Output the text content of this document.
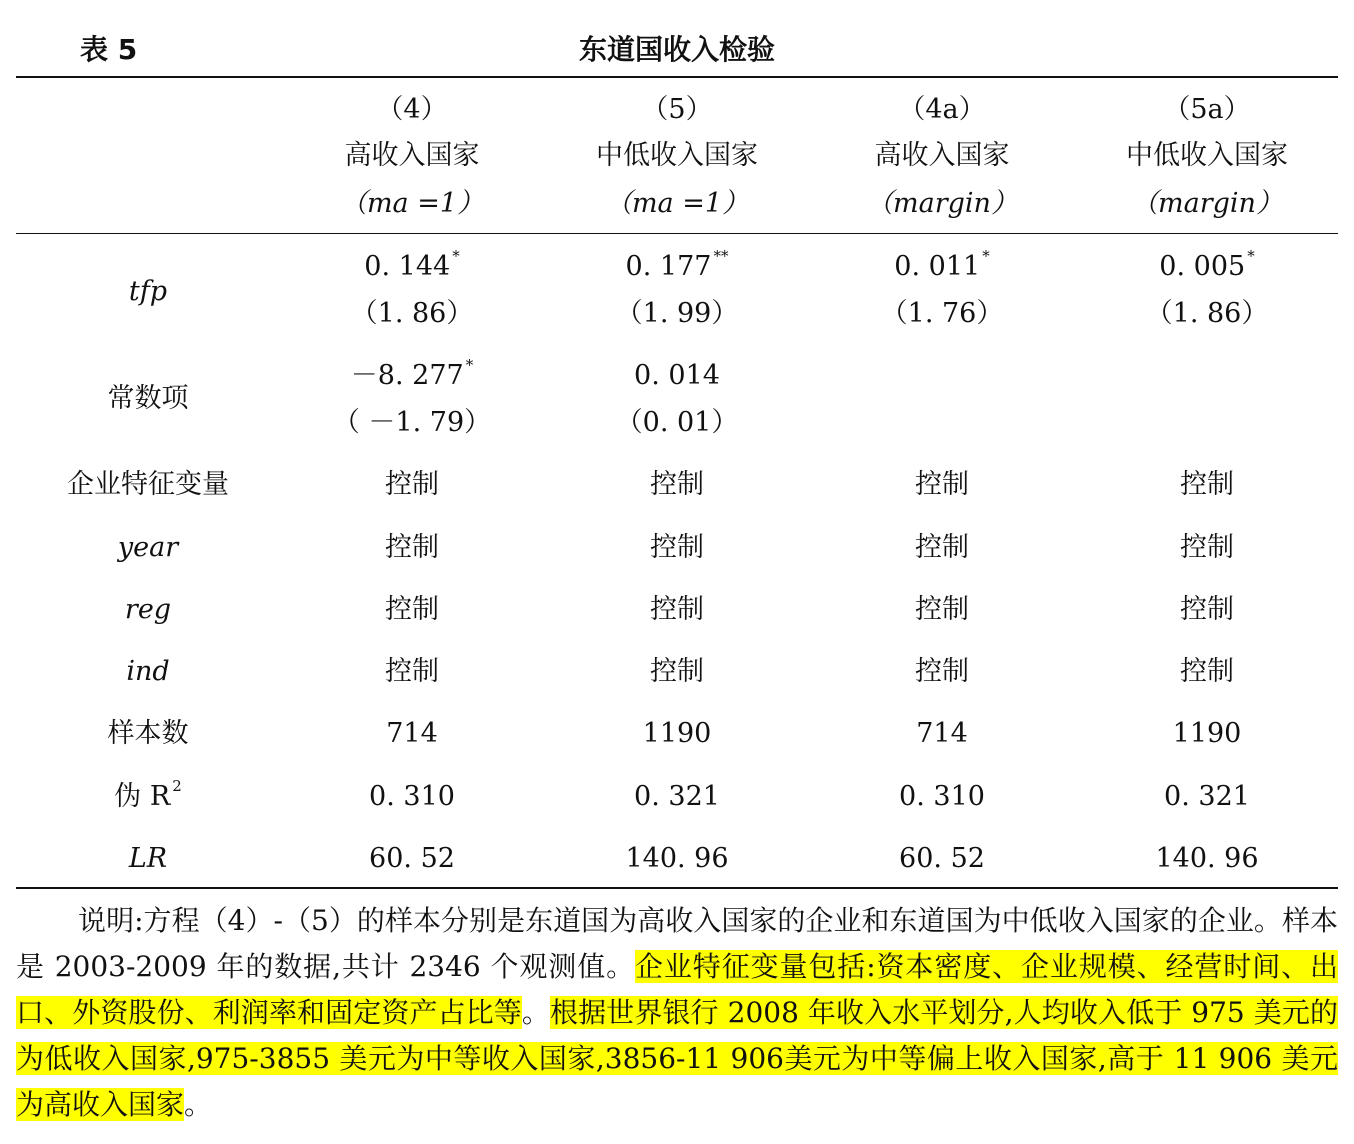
表 5	东道国收入检验
（4）	（5）	（4a）	（5a）
高收入国家	中低收入国家	高收入国家	中低收入国家
（ma =1）	（ma =1）	（margin）	（margin）
tfp
0. 144 *	0. 177 **	0. 011 *	0. 005 *
（1. 86）	（1. 99）	（1. 76）	（1. 86）
常数项
－8. 277 *	0. 014
（ －1. 79）	（0. 01）
企业特征变量	控制	控制	控制	控制
year	控制	控制	控制	控制
reg	控制	控制	控制	控制
ind	控制	控制	控制	控制
样本数	714	1190	714	1190
伪 R $^2$	0. 310	0. 321	0. 310	0. 321
LR	60. 52	140. 96	60. 52	140. 96
说明:方程（4）-（5）的样本分别是东道国为高收入国家的企业和东道国为中低收入国家的企业。样本是 2003-2009 年的数据,共计 2346 个观测值。企业特征变量包括:资本密度、企业规模、经营时间、出口、外资股份、利润率和固定资产占比等。根据世界银行 2008 年收入水平划分,人均收入低于 975 美元的为低收入国家,975-3855 美元为中等收入国家,3856-11 906美元为中等偏上收入国家,高于 11 906 美元为高收入国家。
